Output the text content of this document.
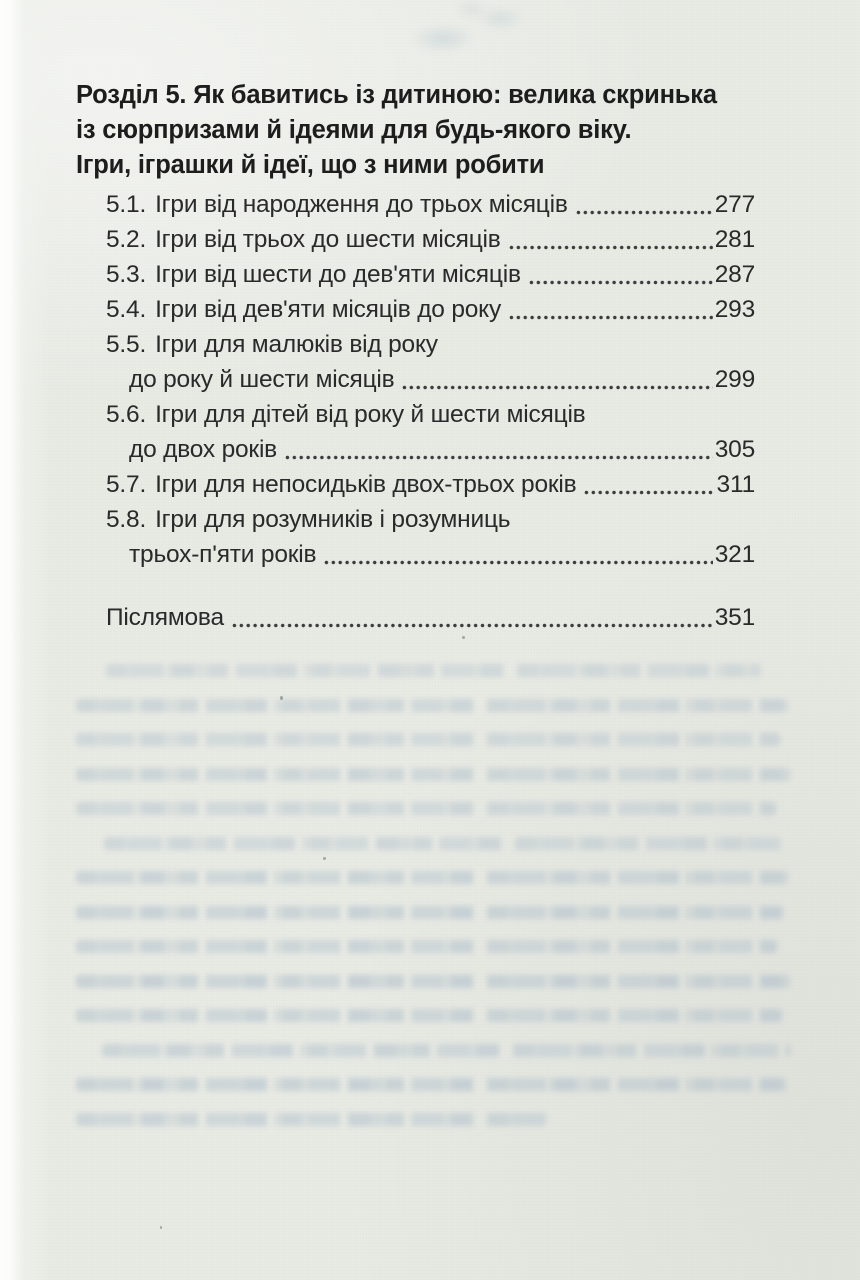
Розділ 5. Як бавитись із дитиною: велика скринька
із сюрпризами й ідеями для будь-якого віку.
Ігри, іграшки й ідеї, що з ними робити
5.1. Ігри від народження до трьох місяців	277
5.2. Ігри від трьох до шести місяців	281
5.3. Ігри від шести до дев'яти місяців	287
5.4. Ігри від дев'яти місяців до року	293
5.5. Ігри для малюків від року
до року й шести місяців	299
5.6. Ігри для дітей від року й шести місяців
до двох років	305
5.7. Ігри для непосидьків двох-трьох років	311
5.8. Ігри для розумників і розумниць
трьох-п'яти років	321
Післямова	351
